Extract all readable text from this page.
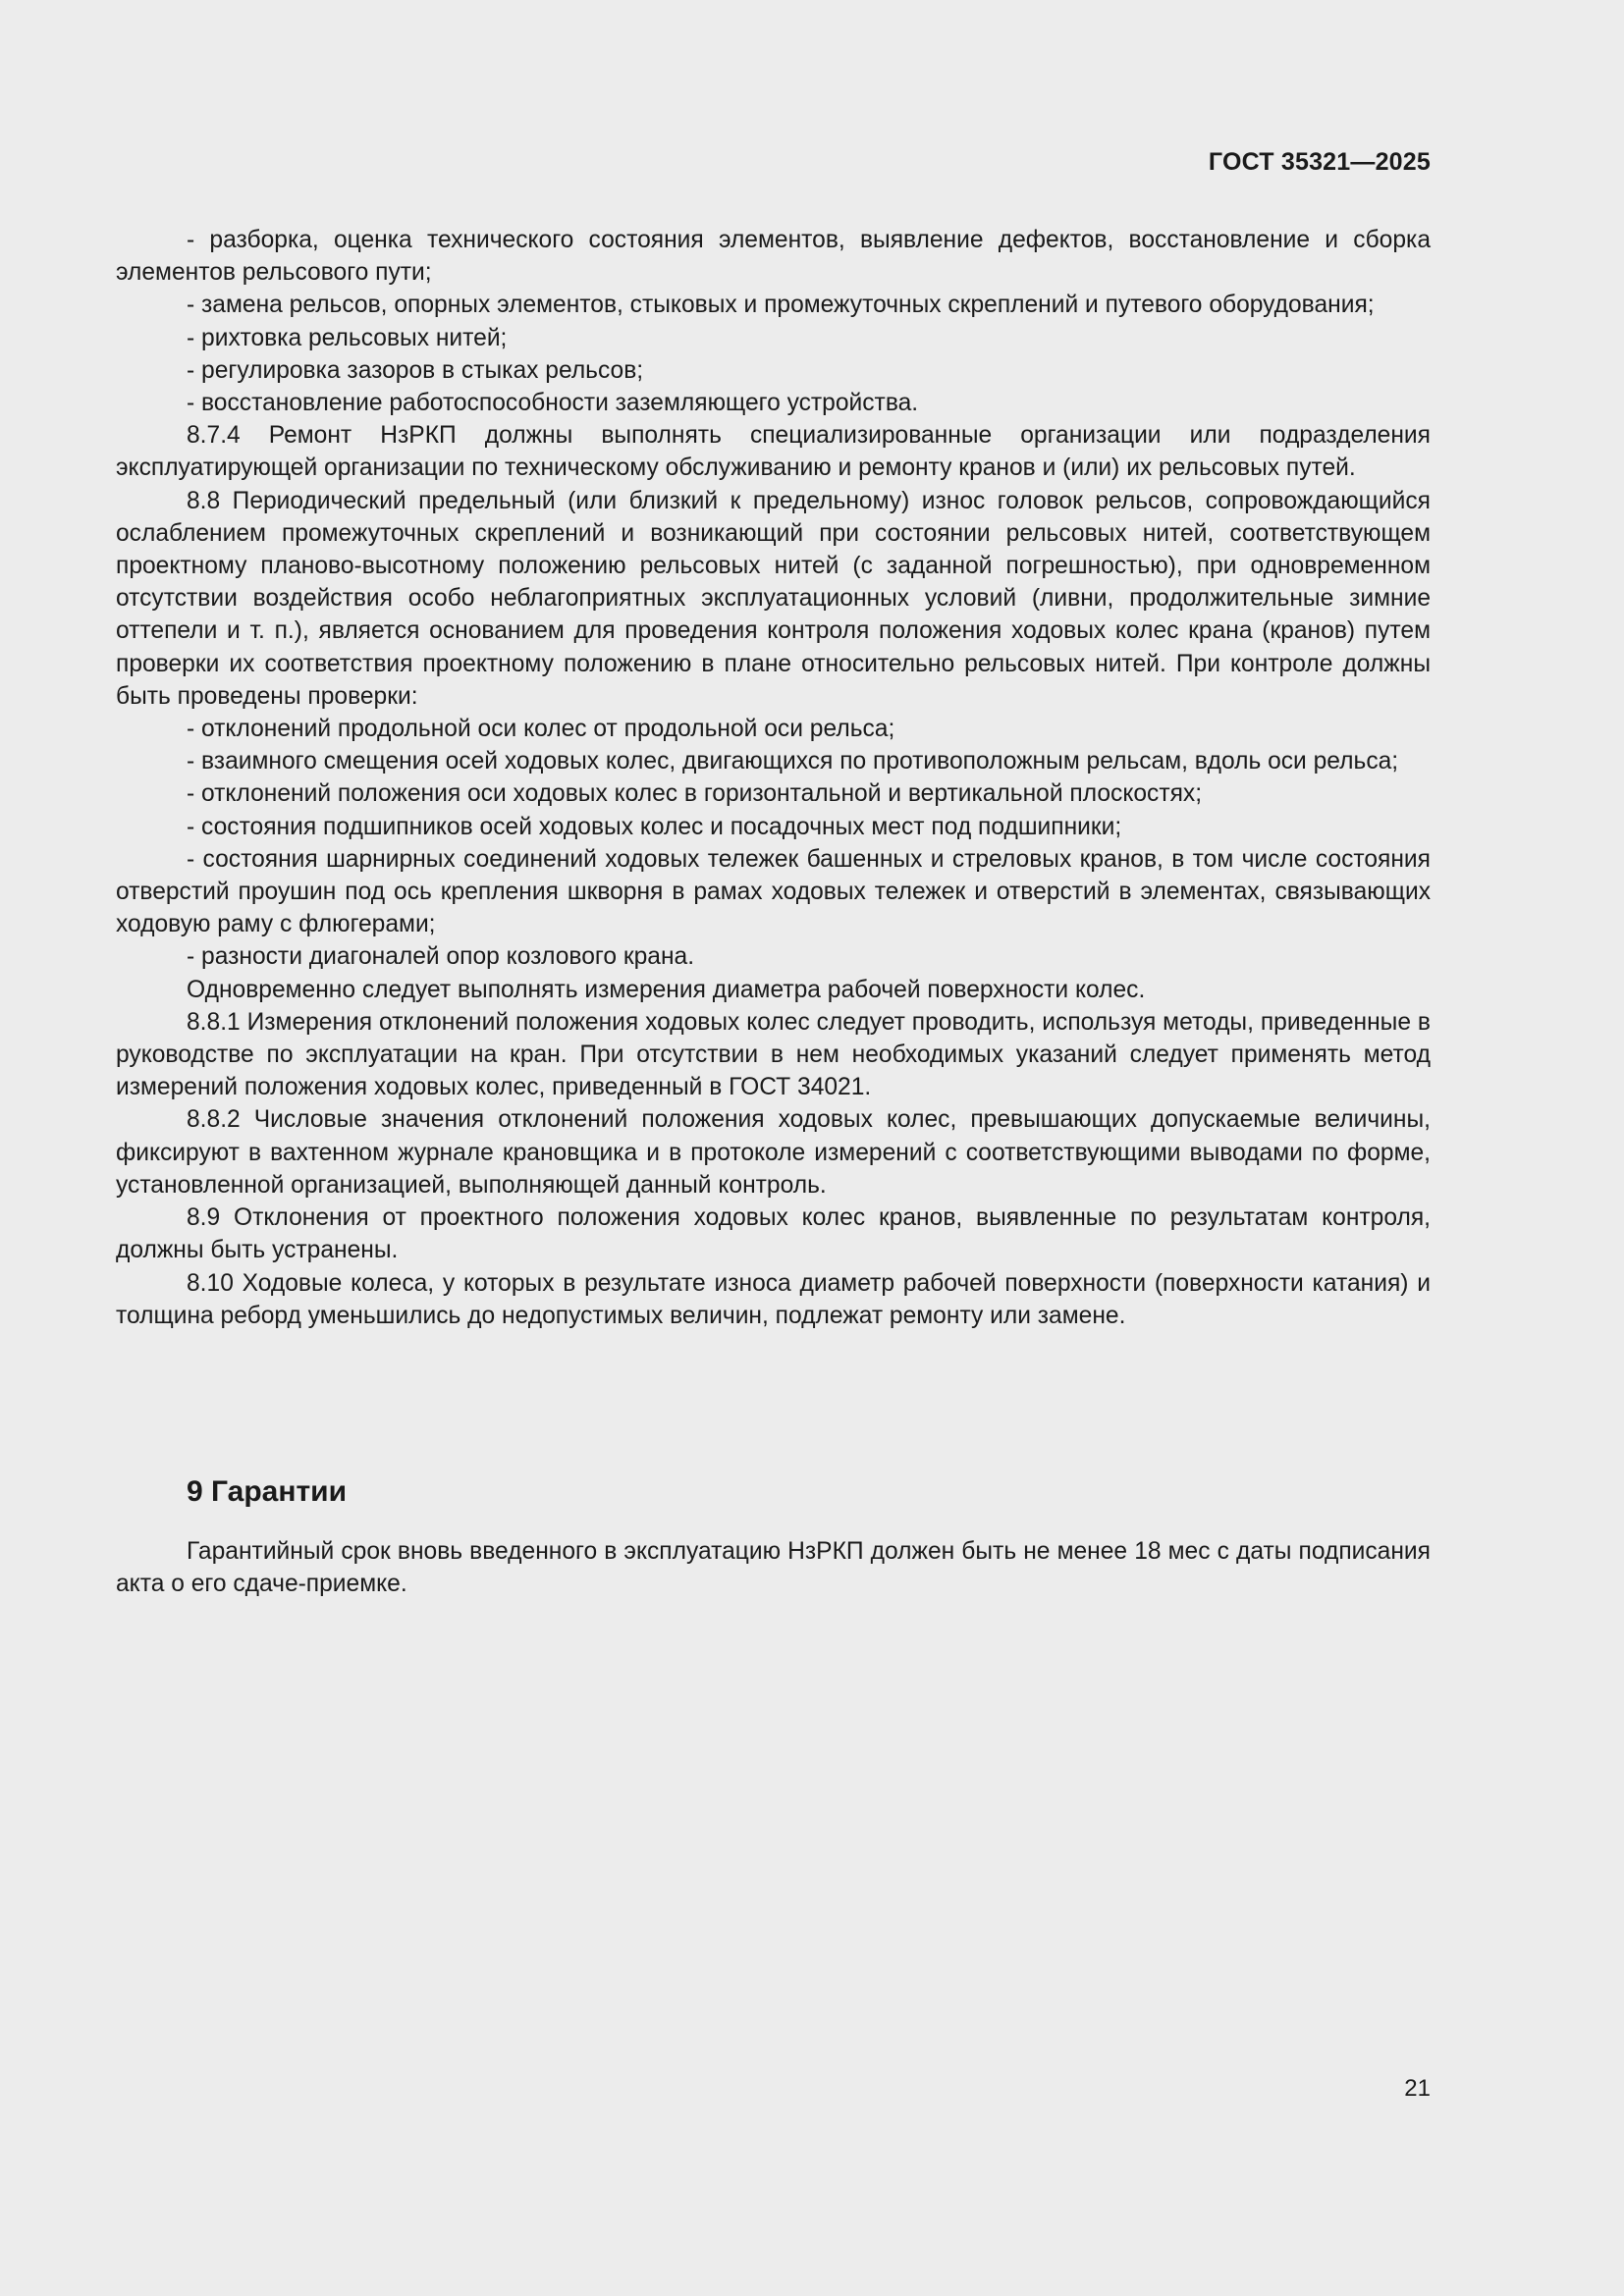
ГОСТ 35321—2025

- разборка, оценка технического состояния элементов, выявление дефектов, восстановление и сборка элементов рельсового пути;

- замена рельсов, опорных элементов, стыковых и промежуточных скреплений и путевого оборудования;

- рихтовка рельсовых нитей;

- регулировка зазоров в стыках рельсов;

- восстановление работоспособности заземляющего устройства.

8.7.4 Ремонт НзРКП должны выполнять специализированные организации или подразделения эксплуатирующей организации по техническому обслуживанию и ремонту кранов и (или) их рельсовых путей.

8.8 Периодический предельный (или близкий к предельному) износ головок рельсов, сопровождающийся ослаблением промежуточных скреплений и возникающий при состоянии рельсовых нитей, соответствующем проектному планово-высотному положению рельсовых нитей (с заданной погрешностью), при одновременном отсутствии воздействия особо неблагоприятных эксплуатационных условий (ливни, продолжительные зимние оттепели и т. п.), является основанием для проведения контроля положения ходовых колес крана (кранов) путем проверки их соответствия проектному положению в плане относительно рельсовых нитей. При контроле должны быть проведены проверки:

- отклонений продольной оси колес от продольной оси рельса;

- взаимного смещения осей ходовых колес, двигающихся по противоположным рельсам, вдоль оси рельса;

- отклонений положения оси ходовых колес в горизонтальной и вертикальной плоскостях;

- состояния подшипников осей ходовых колес и посадочных мест под подшипники;

- состояния шарнирных соединений ходовых тележек башенных и стреловых кранов, в том числе состояния отверстий проушин под ось крепления шкворня в рамах ходовых тележек и отверстий в элементах, связывающих ходовую раму с флюгерами;

- разности диагоналей опор козлового крана.

Одновременно следует выполнять измерения диаметра рабочей поверхности колес.

8.8.1 Измерения отклонений положения ходовых колес следует проводить, используя методы, приведенные в руководстве по эксплуатации на кран. При отсутствии в нем необходимых указаний следует применять метод измерений положения ходовых колес, приведенный в ГОСТ 34021.

8.8.2 Числовые значения отклонений положения ходовых колес, превышающих допускаемые величины, фиксируют в вахтенном журнале крановщика и в протоколе измерений с соответствующими выводами по форме, установленной организацией, выполняющей данный контроль.

8.9 Отклонения от проектного положения ходовых колес кранов, выявленные по результатам контроля, должны быть устранены.

8.10 Ходовые колеса, у которых в результате износа диаметр рабочей поверхности (поверхности катания) и толщина реборд уменьшились до недопустимых величин, подлежат ремонту или замене.

9 Гарантии

Гарантийный срок вновь введенного в эксплуатацию НзРКП должен быть не менее 18 мес с даты подписания акта о его сдаче-приемке.

21
